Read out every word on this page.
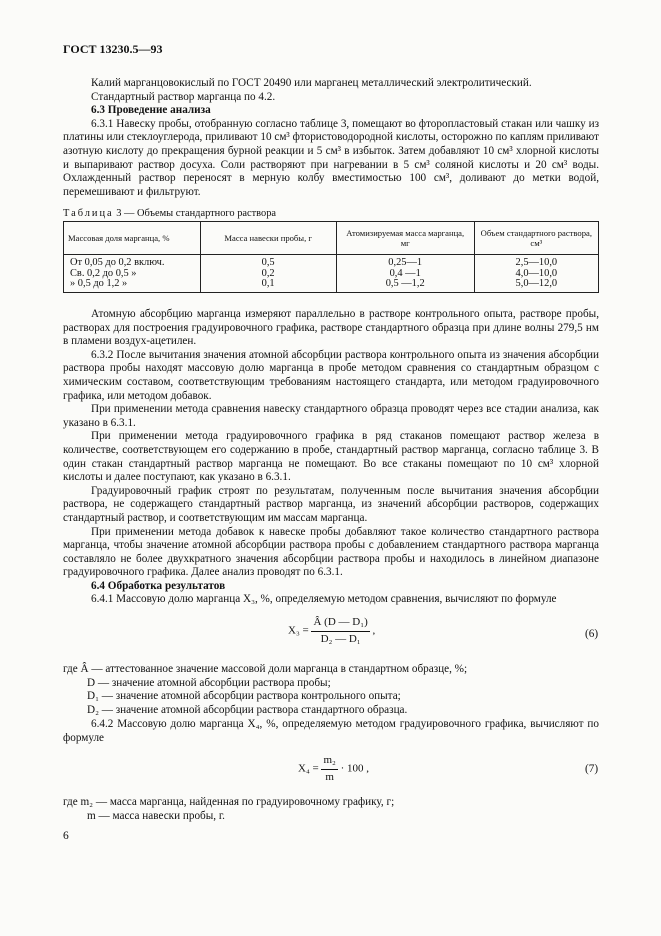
ГОСТ 13230.5—93

Калий марганцовокислый по ГОСТ 20490 или марганец металлический электролитический.

Стандартный раствор марганца по 4.2.

6.3 Проведение анализа

6.3.1 Навеску пробы, отобранную согласно таблице 3, помещают во фторопластовый стакан или чашку из платины или стеклоуглерода, приливают 10 см³ фтористоводородной кислоты, осторожно по каплям приливают азотную кислоту до прекращения бурной реакции и 5 см³ в избыток. Затем добавляют 10 см³ хлорной кислоты и выпаривают раствор досуха. Соли растворяют при нагревании в 5 см³ соляной кислоты и 20 см³ воды. Охлажденный раствор переносят в мерную колбу вместимостью 100 см³, доливают до метки водой, перемешивают и фильтруют.

Таблица 3 — Объемы стандартного раствора
Массовая доля марганца, %	Масса навески пробы, г	Атомизируемая масса марганца, мг	Объем стандартного раствора, см³
От 0,05 до 0,2 включ.	0,5	0,25—1	2,5—10,0
Св. 0,2 до 0,5 »	0,2	0,4 —1	4,0—10,0
» 0,5 до 1,2 »	0,1	0,5 —1,2	5,0—12,0

Атомную абсорбцию марганца измеряют параллельно в растворе контрольного опыта, растворе пробы, растворах для построения градуировочного графика, растворе стандартного образца при длине волны 279,5 нм в пламени воздух-ацетилен.

6.3.2 После вычитания значения атомной абсорбции раствора контрольного опыта из значения абсорбции раствора пробы находят массовую долю марганца в пробе методом сравнения со стандартным образцом с химическим составом, соответствующим требованиям настоящего стандарта, или методом градуировочного графика, или методом добавок.

При применении метода сравнения навеску стандартного образца проводят через все стадии анализа, как указано в 6.3.1.

При применении метода градуировочного графика в ряд стаканов помещают раствор железа в количестве, соответствующем его содержанию в пробе, стандартный раствор марганца, согласно таблице 3. В один стакан стандартный раствор марганца не помещают. Во все стаканы помещают по 10 см³ хлорной кислоты и далее поступают, как указано в 6.3.1.

Градуировочный график строят по результатам, полученным после вычитания значения абсорбции раствора, не содержащего стандартный раствор марганца, из значений абсорбции растворов, содержащих стандартный раствор, и соответствующим им массам марганца.

При применении метода добавок к навеске пробы добавляют такое количество стандартного раствора марганца, чтобы значение атомной абсорбции раствора пробы с добавлением стандартного раствора марганца составляло не более двухкратного значения абсорбции раствора пробы и находилось в линейном диапазоне градуировочного графика. Далее анализ проводят по 6.3.1.

6.4 Обработка результатов

6.4.1 Массовую долю марганца X₃, %, определяемую методом сравнения, вычисляют по формуле

$X_3 = \frac{\text{Â (D — D₁)}}{\text{D₂ — D₁}}$ ,	(6)
где Â — аттестованное значение массовой доли марганца в стандартном образце, %;
D — значение атомной абсорбции раствора пробы;
D₁ — значение атомной абсорбции раствора контрольного опыта;
D₂ — значение атомной абсорбции раствора стандартного образца.

6.4.2 Массовую долю марганца X₄, %, определяемую методом градуировочного графика, вычисляют по формуле

$X_4 = \frac{\text{m₂}}{m} \cdot 100$ ,	(7)
где m₂ — масса марганца, найденная по градуировочному графику, г;
m — масса навески пробы, г.
6
